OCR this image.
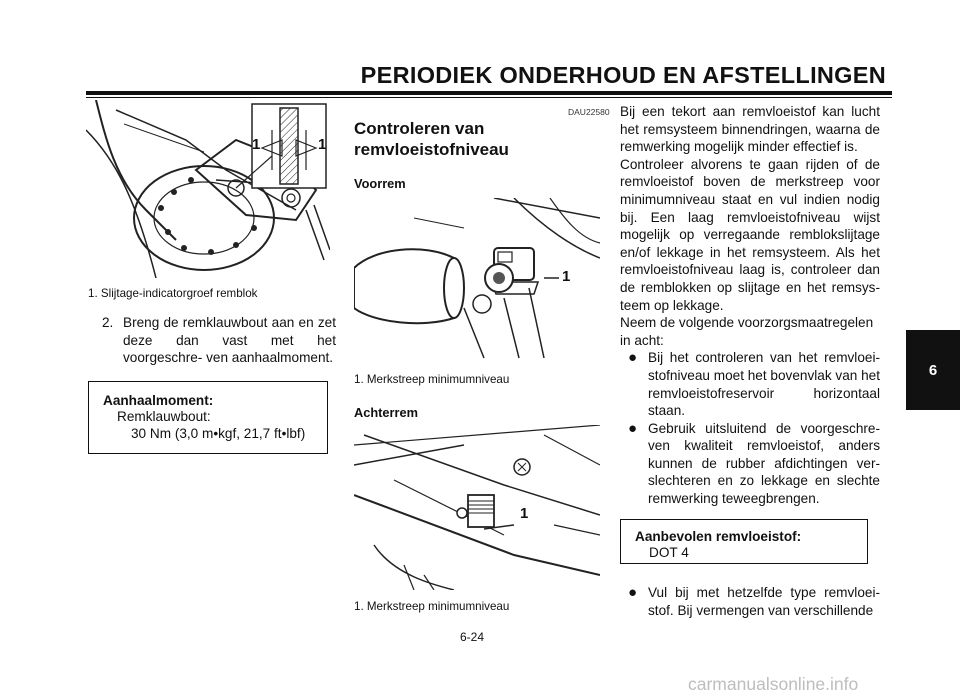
PERIODIEK ONDERHOUD EN AFSTELLINGEN
6
1	1
1. Slijtage-indicatorgroef remblok
2. Breng de remklauwbout aan en zet deze dan vast met het voorgeschre- ven aanhaalmoment.
Aanhaalmoment:
Remklauwbout:
30 Nm (3,0 m•kgf, 21,7 ft•lbf)
DAU22580
Controleren van remvloeistofniveau
Voorrem
1
1. Merkstreep minimumniveau
Achterrem
1
1. Merkstreep minimumniveau
Bij een tekort aan remvloeistof kan lucht het remsysteem binnendringen, waarna de remwerking mogelijk minder effectief is.
Controleer alvorens te gaan rijden of de remvloeistof boven de merkstreep voor minimumniveau staat en vul indien nodig bij. Een laag remvloeistofniveau wijst mogelijk op verregaande remblokslijtage en/of lekkage in het remsysteem. Als het remvloeistofniveau laag is, controleer dan de remblokken op slijtage en het remsys- teem op lekkage.
Neem de volgende voorzorgsmaatregelen in acht:
● Bij het controleren van het remvloei- stofniveau moet het bovenvlak van het remvloeistofreservoir horizontaal staan.
● Gebruik uitsluitend de voorgeschre- ven kwaliteit remvloeistof, anders kunnen de rubber afdichtingen ver- slechteren en zo lekkage en slechte remwerking teweegbrengen.
Aanbevolen remvloeistof:
DOT 4
● Vul bij met hetzelfde type remvloei- stof. Bij vermengen van verschillende
6-24
carmanualsonline.info
